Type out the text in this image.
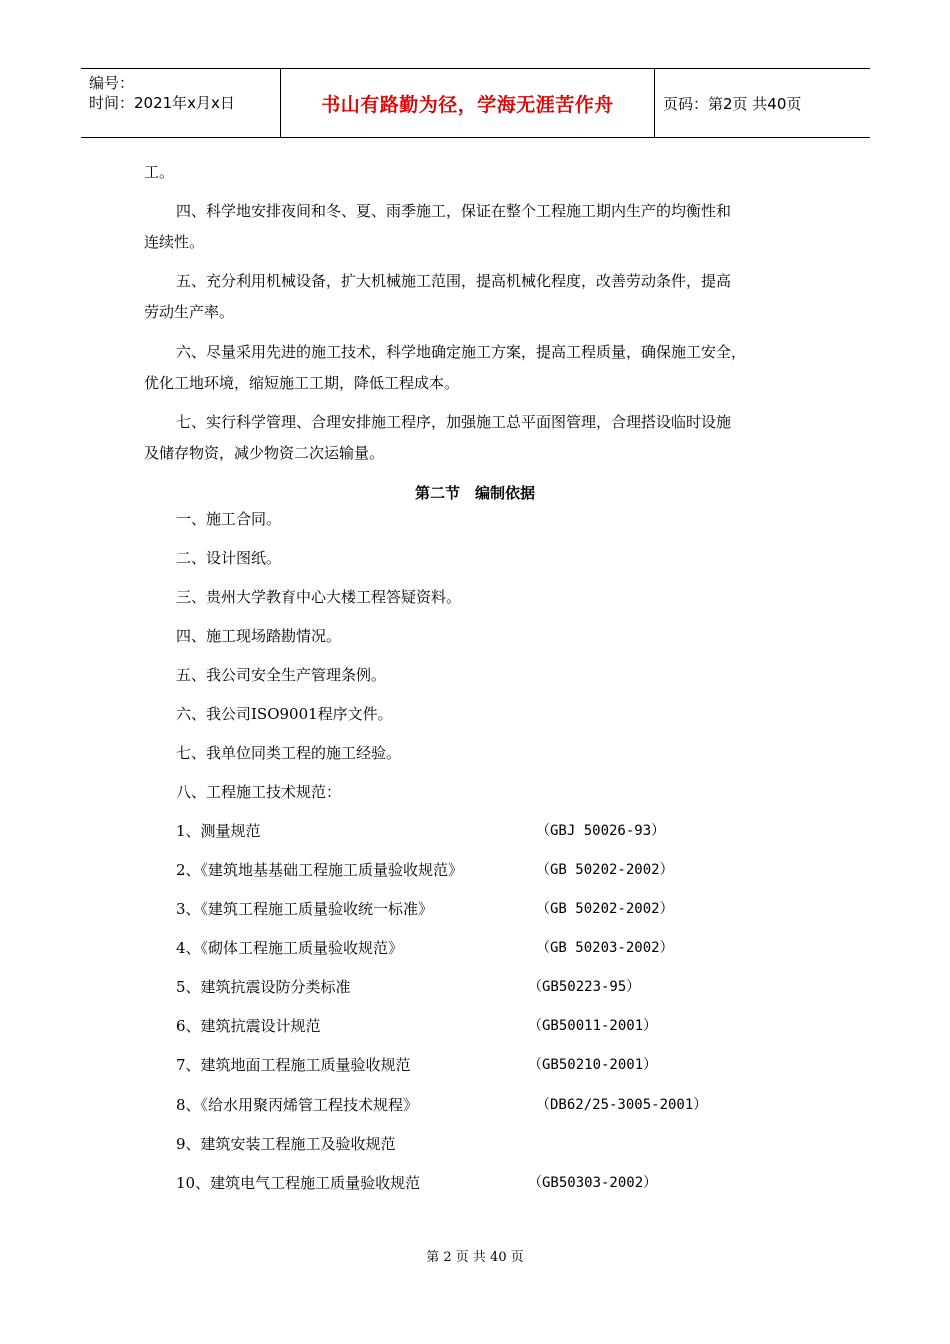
编号：
时间：2021年x月x日	书山有路勤为径，学海无涯苦作舟	页码：第2页 共40页
工。
四、科学地安排夜间和冬、夏、雨季施工，保证在整个工程施工期内生产的均衡性和
连续性。
五、充分利用机械设备，扩大机械施工范围，提高机械化程度，改善劳动条件，提高
劳动生产率。
六、尽量采用先进的施工技术，科学地确定施工方案，提高工程质量，确保施工安全，
优化工地环境，缩短施工工期，降低工程成本。
七、实行科学管理、合理安排施工程序，加强施工总平面图管理，合理搭设临时设施
及储存物资，减少物资二次运输量。
第二节　编制依据
一、施工合同。
二、设计图纸。
三、贵州大学教育中心大楼工程答疑资料。
四、施工现场踏勘情况。
五、我公司安全生产管理条例。
六、我公司ISO9001程序文件。
七、我单位同类工程的施工经验。
八、工程施工技术规范：
1、测量规范	（GBJ 50026-93）
2、《建筑地基基础工程施工质量验收规范》	（GB 50202-2002）
3、《建筑工程施工质量验收统一标准》	（GB 50202-2002）
4、《砌体工程施工质量验收规范》	（GB 50203-2002）
5、建筑抗震设防分类标准	（GB50223-95）
6、建筑抗震设计规范	（GB50011-2001）
7、建筑地面工程施工质量验收规范	（GB50210-2001）
8、《给水用聚丙烯管工程技术规程》	（DB62/25-3005-2001）
9、建筑安装工程施工及验收规范
10、建筑电气工程施工质量验收规范	（GB50303-2002）
第 2 页 共 40 页
